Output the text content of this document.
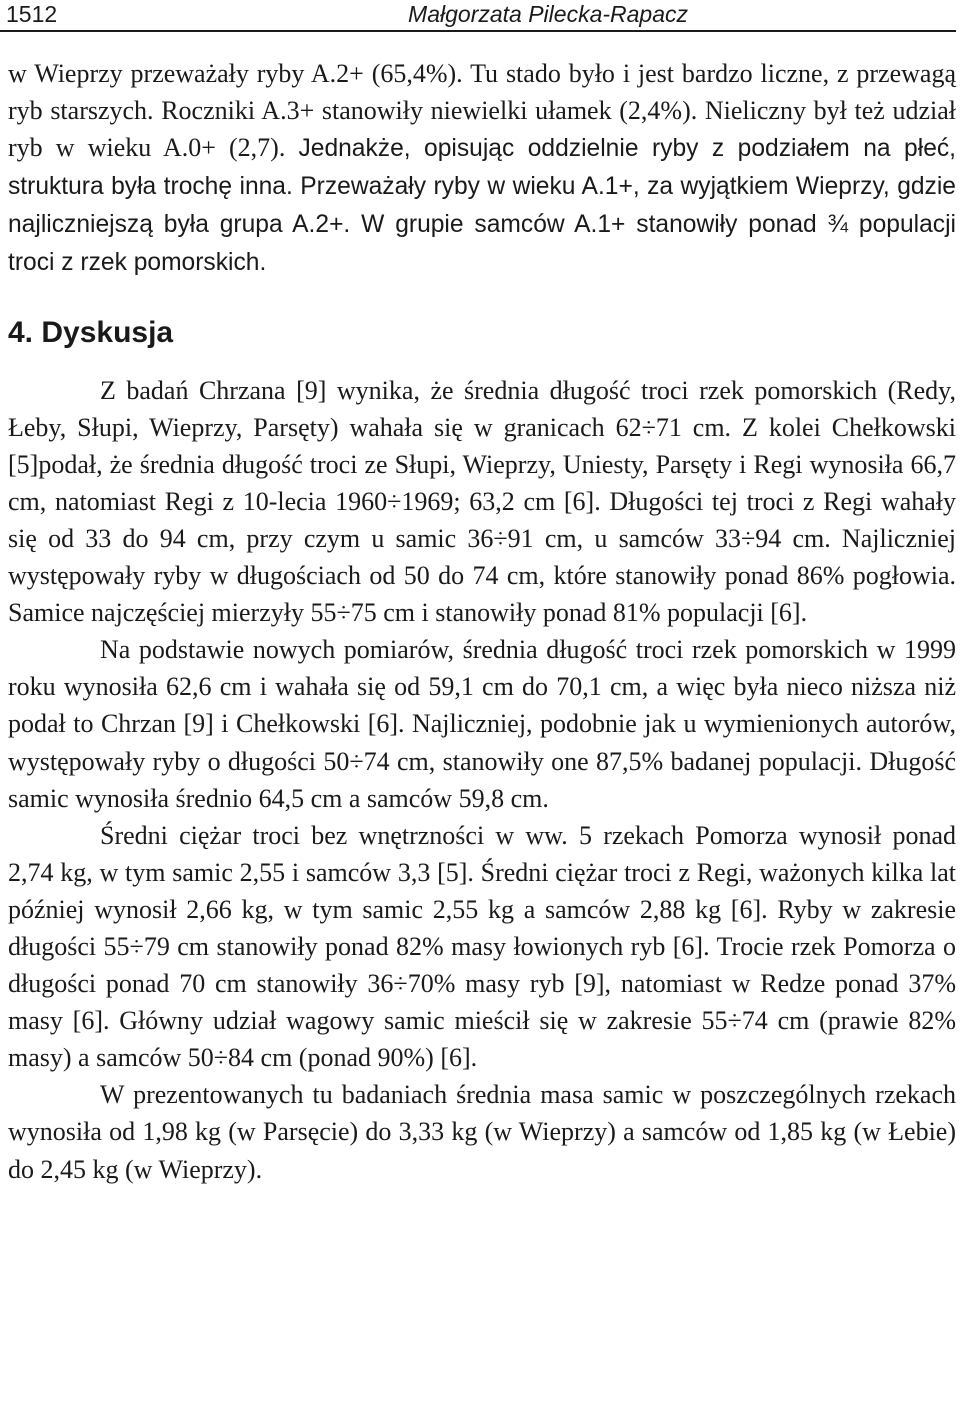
1512	Małgorzata Pilecka-Rapacz

w Wieprzy przeważały ryby A.2+ (65,4%). Tu stado było i jest bardzo liczne, z przewagą ryb starszych. Roczniki A.3+ stanowiły niewielki ułamek (2,4%). Nieliczny był też udział ryb w wieku A.0+ (2,7). Jednakże, opisując oddzielnie ryby z podziałem na płeć, struktura była trochę inna. Przeważały ryby w wieku A.1+, za wyjątkiem Wieprzy, gdzie najliczniejszą była grupa A.2+. W grupie samców A.1+ stanowiły ponad ¾ populacji troci z rzek pomorskich.

4. Dyskusja

Z badań Chrzana [9] wynika, że średnia długość troci rzek pomorskich (Redy, Łeby, Słupi, Wieprzy, Parsęty) wahała się w granicach 62÷71 cm. Z kolei Chełkowski [5]podał, że średnia długość troci ze Słupi, Wieprzy, Uniesty, Parsęty i Regi wynosiła 66,7 cm, natomiast Regi z 10-lecia 1960÷1969; 63,2 cm [6]. Długości tej troci z Regi wahały się od 33 do 94 cm, przy czym u samic 36÷91 cm, u samców 33÷94 cm. Najliczniej występowały ryby w długościach od 50 do 74 cm, które stanowiły ponad 86% pogłowia. Samice najczęściej mierzyły 55÷75 cm i stanowiły ponad 81% populacji [6].

Na podstawie nowych pomiarów, średnia długość troci rzek pomorskich w 1999 roku wynosiła 62,6 cm i wahała się od 59,1 cm do 70,1 cm, a więc była nieco niższa niż podał to Chrzan [9] i Chełkowski [6]. Najliczniej, podobnie jak u wymienionych autorów, występowały ryby o długości 50÷74 cm, stanowiły one 87,5% badanej populacji. Długość samic wynosiła średnio 64,5 cm a samców 59,8 cm.

Średni ciężar troci bez wnętrzności w ww. 5 rzekach Pomorza wynosił ponad 2,74 kg, w tym samic 2,55 i samców 3,3 [5]. Średni ciężar troci z Regi, ważonych kilka lat później wynosił 2,66 kg, w tym samic 2,55 kg a samców 2,88 kg [6]. Ryby w zakresie długości 55÷79 cm stanowiły ponad 82% masy łowionych ryb [6]. Trocie rzek Pomorza o długości ponad 70 cm stanowiły 36÷70% masy ryb [9], natomiast w Redze ponad 37% masy [6]. Główny udział wagowy samic mieścił się w zakresie 55÷74 cm (prawie 82% masy) a samców 50÷84 cm (ponad 90%) [6].

W prezentowanych tu badaniach średnia masa samic w poszczególnych rzekach wynosiła od 1,98 kg (w Parsęcie) do 3,33 kg (w Wieprzy) a samców od 1,85 kg (w Łebie) do 2,45 kg (w Wieprzy).
